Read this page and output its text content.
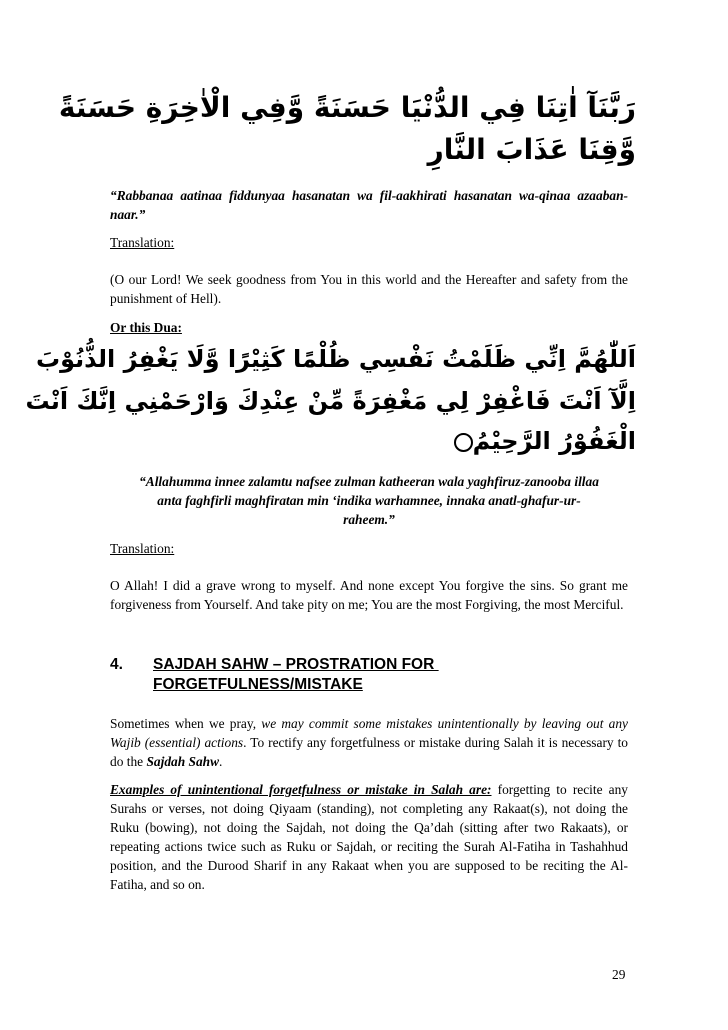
رَبَّنَآ اٰتِنَا فِي الدُّنْيَا حَسَنَةً وَّفِي الْاٰخِرَةِ حَسَنَةً
وَّقِنَا عَذَابَ النَّارِ

“Rabbanaa aatinaa fiddunyaa hasanatan wa fil-aakhirati hasanatan wa-qinaa azaaban-naar.”

Translation:

(O our Lord! We seek goodness from You in this world and the Hereafter and safety from the punishment of Hell).

Or this Dua:

اَللّٰهُمَّ اِنِّي ظَلَمْتُ نَفْسِي ظُلْمًا كَثِيْرًا وَّلَا يَغْفِرُ الذُّنُوْبَ
اِلَّآ اَنْتَ فَاغْفِرْ لِي مَغْفِرَةً مِّنْ عِنْدِكَ وَارْحَمْنِي اِنَّكَ اَنْتَ
الْغَفُوْرُ الرَّحِيْمُ
“Allahumma innee zalamtu nafsee zulman katheeran wala yaghfiruz-zanooba illaa
anta faghfirli maghfiratan min ‘indika warhamnee, innaka anatl-ghafur-ur-
raheem.”

Translation:

O Allah! I did a grave wrong to myself. And none except You forgive the sins. So grant me forgiveness from Yourself. And take pity on me; You are the most Forgiving, the most Merciful.

4. SAJDAH SAHW – PROSTRATION FOR
FORGETFULNESS/MISTAKE

Sometimes when we pray, we may commit some mistakes unintentionally by leaving out any Wajib (essential) actions. To rectify any forgetfulness or mistake during Salah it is necessary to do the Sajdah Sahw.

Examples of unintentional forgetfulness or mistake in Salah are: forgetting to recite any Surahs or verses, not doing Qiyaam (standing), not completing any Rakaat(s), not doing the Ruku (bowing), not doing the Sajdah, not doing the Qa’dah (sitting after two Rakaats), or repeating actions twice such as Ruku or Sajdah, or reciting the Surah Al-Fatiha in Tashahhud position, and the Durood Sharif in any Rakaat when you are supposed to be reciting the Al-Fatiha, and so on.

29
